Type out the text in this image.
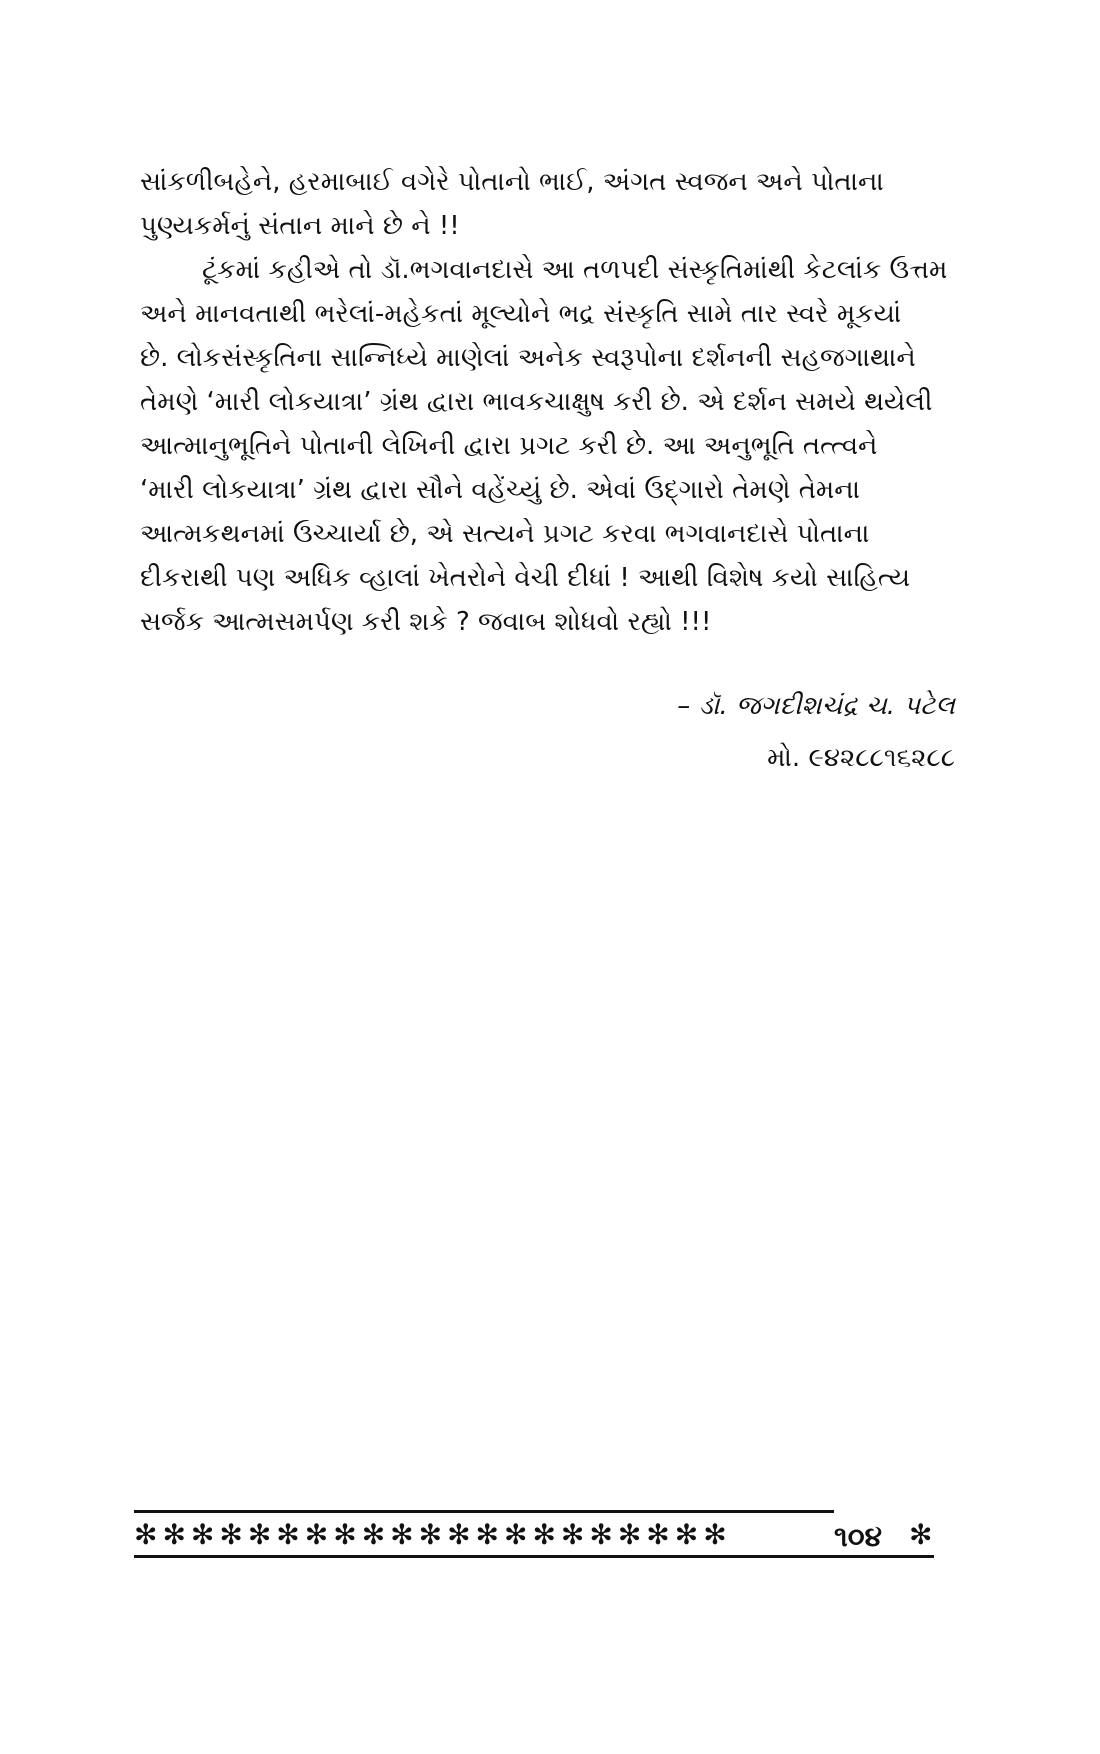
સાંકળીબહેને, હરમાબાઈ વગેરે પોતાનો ભાઈ, અંગત સ્વજન અને પોતાના
પુણ્યકર્મનું સંતાન માને છે ને !!
ટૂંકમાં કહીએ તો ડૉ.ભગવાનદાસે આ તળપદી સંસ્કૃતિમાંથી કેટલાંક ઉત્તમ
અને માનવતાથી ભરેલાં-મહેકતાં મૂલ્યોને ભદ્ર સંસ્કૃતિ સામે તાર સ્વરે મૂકયાં
છે. લોકસંસ્કૃતિના સાન્નિધ્યે માણેલાં અનેક સ્વરૂપોના દર્શનની સહજગાથાને
તેમણે ‘મારી લોકયાત્રા’ ગ્રંથ દ્વારા ભાવકચાક્ષુષ કરી છે. એ દર્શન સમયે થયેલી
આત્માનુભૂતિને પોતાની લેખિની દ્વારા પ્રગટ કરી છે. આ અનુભૂતિ તત્ત્વને
‘મારી લોકયાત્રા’ ગ્રંથ દ્વારા સૌને વહેંચ્યું છે. એવાં ઉદ્ગારો તેમણે તેમના
આત્મકથનમાં ઉચ્ચાર્યા છે, એ સત્યને પ્રગટ કરવા ભગવાનદાસે પોતાના
દીકરાથી પણ અધિક વ્હાલાં ખેતરોને વેચી દીધાં ! આથી વિશેષ કયો સાહિત્ય
સર્જક આત્મસમર્પણ કરી શકે ? જવાબ શોધવો રહ્યો !!!
– ડૉ. જગદીશચંદ્ર ચ. પટેલ
મો. ૯૪૨૮૮૧૬૨૮૮
✻✻✻✻✻✻✻✻✻✻✻✻✻✻✻✻✻✻✻✻✻	૧૦૪ ✻
